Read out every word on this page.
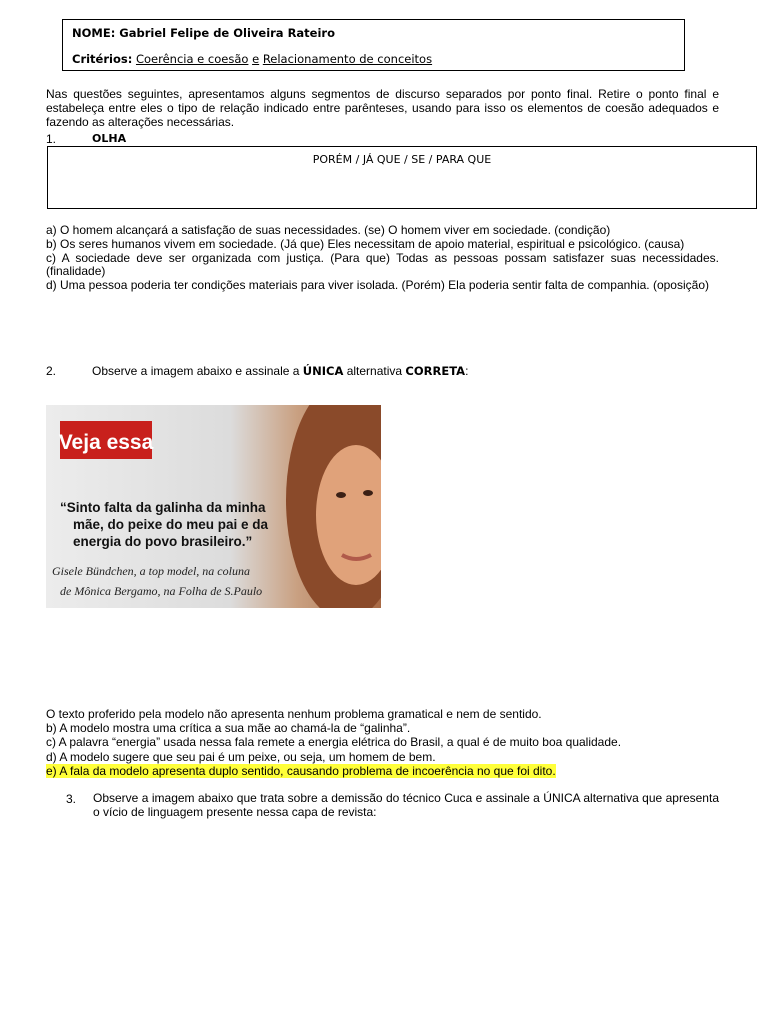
NOME: Gabriel Felipe de Oliveira Rateiro
Critérios: Coerência e coesão e Relacionamento de conceitos

Nas questões seguintes, apresentamos alguns segmentos de discurso separados por ponto final. Retire o ponto final e estabeleça entre eles o tipo de relação indicado entre parênteses, usando para isso os elementos de coesão adequados e fazendo as alterações necessárias.

1.	OLHA
PORÉM / JÁ QUE / SE / PARA QUE

a) O homem alcançará a satisfação de suas necessidades. (se) O homem viver em sociedade. (condição)

b) Os seres humanos vivem em sociedade. (Já que) Eles necessitam de apoio material, espiritual e psicológico. (causa)

c) A sociedade deve ser organizada com justiça. (Para que) Todas as pessoas possam satisfazer suas necessidades. (finalidade)

d) Uma pessoa poderia ter condições materiais para viver isolada. (Porém) Ela poderia sentir falta de companhia. (oposição)

2.	Observe a imagem abaixo e assinale a ÚNICA alternativa CORRETA:
Veja essa
“Sinto falta da galinha da minha mãe, do peixe do meu pai e da energia do povo brasileiro.”
Gisele Bündchen, a top model, na coluna de Mônica Bergamo, na Folha de S.Paulo
O texto proferido pela modelo não apresenta nenhum problema gramatical e nem de sentido.
b) A modelo mostra uma crítica a sua mãe ao chamá-la de “galinha”.
c) A palavra “energia” usada nessa fala remete a energia elétrica do Brasil, a qual é de muito boa qualidade.
d) A modelo sugere que seu pai é um peixe, ou seja, um homem de bem.
e) A fala da modelo apresenta duplo sentido, causando problema de incoerência no que foi dito.
3. Observe a imagem abaixo que trata sobre a demissão do técnico Cuca e assinale a ÚNICA alternativa que apresenta o vício de linguagem presente nessa capa de revista:
